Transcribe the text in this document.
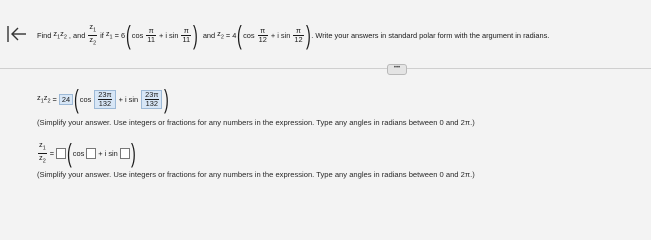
Find $z_1z_2$ , and $\frac{z_1}{z_2}$ if $z_1 = 6$ ( $\cos \frac{\pi}{11} + i$ $\sin \frac{\pi}{11}$ ) and $z_2 = 4$ ( $\cos \frac{\pi}{12} + i$ $\sin \frac{\pi}{12}$ ) . Write your answers in standard polar form with the argument in radians.
•••
$z_1z_2 = 24$ ( $\cos \frac{23\pi}{132} + i$ $\sin \frac{23\pi}{132}$ )
(Simplify your answer. Use integers or fractions for any numbers in the expression. Type any angles in radians between 0 and 2π.)
$\frac{z_1}{z_2}$ = ( cos + i sin )
(Simplify your answer. Use integers or fractions for any numbers in the expression. Type any angles in radians between 0 and 2π.)
